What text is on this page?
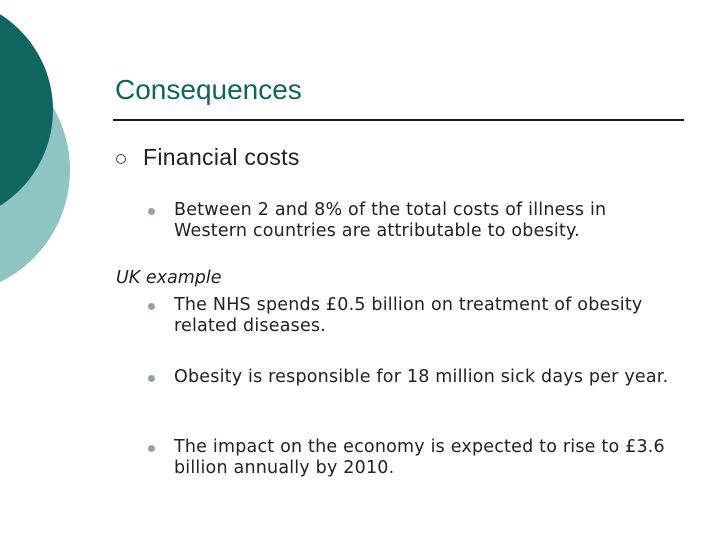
Consequences
Financial costs
Between 2 and 8% of the total costs of illness in Western countries are attributable to obesity.
UK example
The NHS spends £0.5 billion on treatment of obesity related diseases.
Obesity is responsible for 18 million sick days per year.
The impact on the economy is expected to rise to £3.6 billion annually by 2010.
